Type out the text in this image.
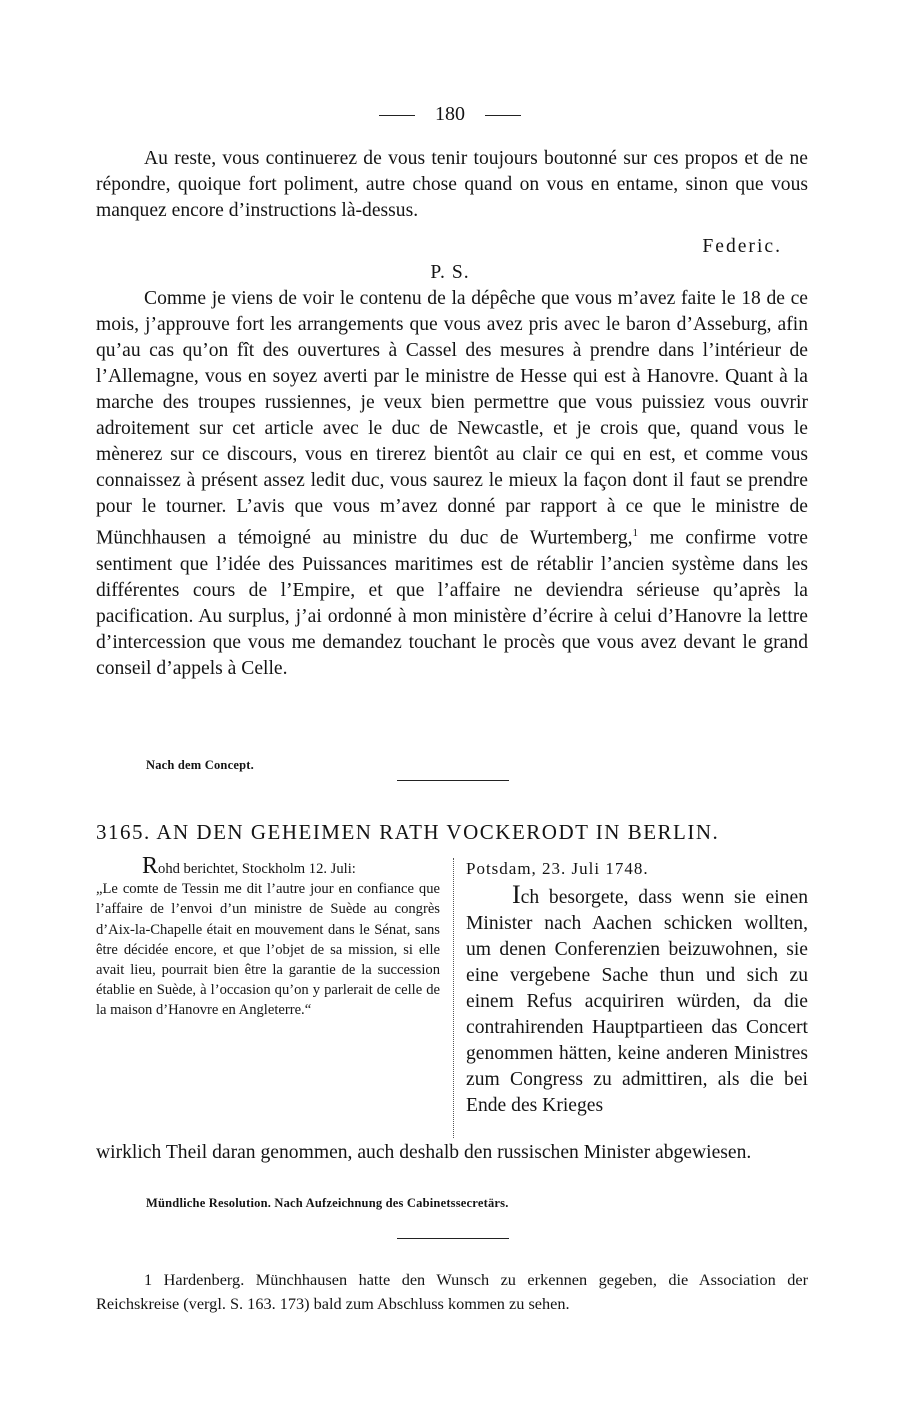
180

Au reste, vous continuerez de vous tenir toujours boutonné sur ces propos et de ne répondre, quoique fort poliment, autre chose quand on vous en entame, sinon que vous manquez encore d’instructions là-dessus.

Federic.
P. S.

Comme je viens de voir le contenu de la dépêche que vous m’avez faite le 18 de ce mois, j’approuve fort les arrangements que vous avez pris avec le baron d’Asseburg, afin qu’au cas qu’on fît des ouvertures à Cassel des mesures à prendre dans l’intérieur de l’Allemagne, vous en soyez averti par le ministre de Hesse qui est à Hanovre. Quant à la marche des troupes russiennes, je veux bien permettre que vous puissiez vous ouvrir adroitement sur cet article avec le duc de Newcastle, et je crois que, quand vous le mènerez sur ce discours, vous en tirerez bientôt au clair ce qui en est, et comme vous connaissez à présent assez ledit duc, vous saurez le mieux la façon dont il faut se prendre pour le tourner. L’avis que vous m’avez donné par rapport à ce que le ministre de Münchhausen a témoigné au ministre du duc de Wurtemberg,$^1$ me confirme votre sentiment que l’idée des Puissances maritimes est de rétablir l’ancien système dans les différentes cours de l’Empire, et que l’affaire ne deviendra sérieuse qu’après la pacification. Au surplus, j’ai ordonné à mon ministère d’écrire à celui d’Hanovre la lettre d’intercession que vous me demandez touchant le procès que vous avez devant le grand conseil d’appels à Celle.

Nach dem Concept.
3165. AN DEN GEHEIMEN RATH VOCKERODT IN BERLIN.
Rohd berichtet, Stockholm 12. Juli:
„Le comte de Tessin me dit l’autre jour en confiance que l’affaire de l’envoi d’un ministre de Suède au congrès d’Aix-la-Chapelle était en mouvement dans le Sénat, sans être décidée encore, et que l’objet de sa mission, si elle avait lieu, pourrait bien être la garantie de la succession établie en Suède, à l’occasion qu’on y parlerait de celle de la maison d’Hanovre en Angleterre.“
Potsdam, 23. Juli 1748.
Ich besorgete, dass wenn sie einen Minister nach Aachen schicken wollten, um denen Conferenzien beizuwohnen, sie eine vergebene Sache thun und sich zu einem Refus acquiriren würden, da die contrahirenden Hauptpartieen das Concert genommen hätten, keine anderen Ministres zum Congress zu admittiren, als die bei Ende des Krieges

wirklich Theil daran genommen, auch deshalb den russischen Minister abgewiesen.

Mündliche Resolution. Nach Aufzeichnung des Cabinetssecretärs.

1 Hardenberg. Münchhausen hatte den Wunsch zu erkennen gegeben, die Association der Reichskreise (vergl. S. 163. 173) bald zum Abschluss kommen zu sehen.
